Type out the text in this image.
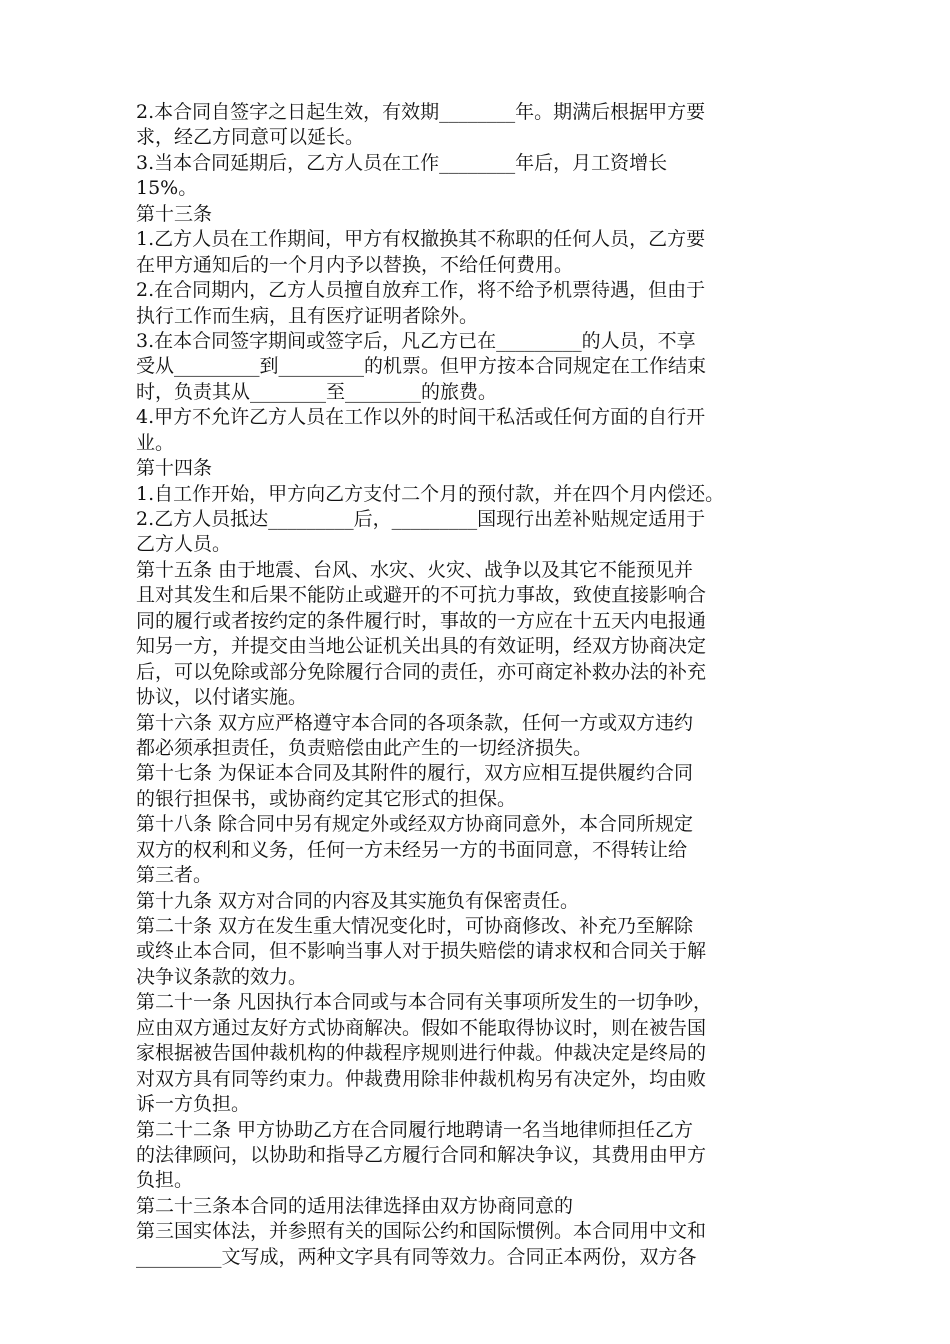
2.本合同自签字之日起生效，有效期________年。期满后根据甲方要
求，经乙方同意可以延长。
3.当本合同延期后，乙方人员在工作________年后，月工资增长
15%。
第十三条
1.乙方人员在工作期间，甲方有权撤换其不称职的任何人员，乙方要
在甲方通知后的一个月内予以替换，不给任何费用。
2.在合同期内，乙方人员擅自放弃工作，将不给予机票待遇，但由于
执行工作而生病，且有医疗证明者除外。
3.在本合同签字期间或签字后，凡乙方已在_________的人员，不享
受从_________到_________的机票。但甲方按本合同规定在工作结束
时，负责其从________至________的旅费。
4.甲方不允许乙方人员在工作以外的时间干私活或任何方面的自行开
业。
第十四条
1.自工作开始，甲方向乙方支付二个月的预付款，并在四个月内偿还。
2.乙方人员抵达_________后，_________国现行出差补贴规定适用于
乙方人员。
第十五条 由于地震、台风、水灾、火灾、战争以及其它不能预见并
且对其发生和后果不能防止或避开的不可抗力事故，致使直接影响合
同的履行或者按约定的条件履行时，事故的一方应在十五天内电报通
知另一方，并提交由当地公证机关出具的有效证明，经双方协商决定
后，可以免除或部分免除履行合同的责任，亦可商定补救办法的补充
协议，以付诸实施。
第十六条 双方应严格遵守本合同的各项条款，任何一方或双方违约
都必须承担责任，负责赔偿由此产生的一切经济损失。
第十七条 为保证本合同及其附件的履行，双方应相互提供履约合同
的银行担保书，或协商约定其它形式的担保。
第十八条 除合同中另有规定外或经双方协商同意外，本合同所规定
双方的权利和义务，任何一方未经另一方的书面同意，不得转让给
第三者。
第十九条 双方对合同的内容及其实施负有保密责任。
第二十条 双方在发生重大情况变化时，可协商修改、补充乃至解除
或终止本合同，但不影响当事人对于损失赔偿的请求权和合同关于解
决争议条款的效力。
第二十一条 凡因执行本合同或与本合同有关事项所发生的一切争吵，
应由双方通过友好方式协商解决。假如不能取得协议时，则在被告国
家根据被告国仲裁机构的仲裁程序规则进行仲裁。仲裁决定是终局的
对双方具有同等约束力。仲裁费用除非仲裁机构另有决定外，均由败
诉一方负担。
第二十二条 甲方协助乙方在合同履行地聘请一名当地律师担任乙方
的法律顾问，以协助和指导乙方履行合同和解决争议，其费用由甲方
负担。
第二十三条本合同的适用法律选择由双方协商同意的
第三国实体法，并参照有关的国际公约和国际惯例。本合同用中文和
_________文写成，两种文字具有同等效力。合同正本两份，双方各
